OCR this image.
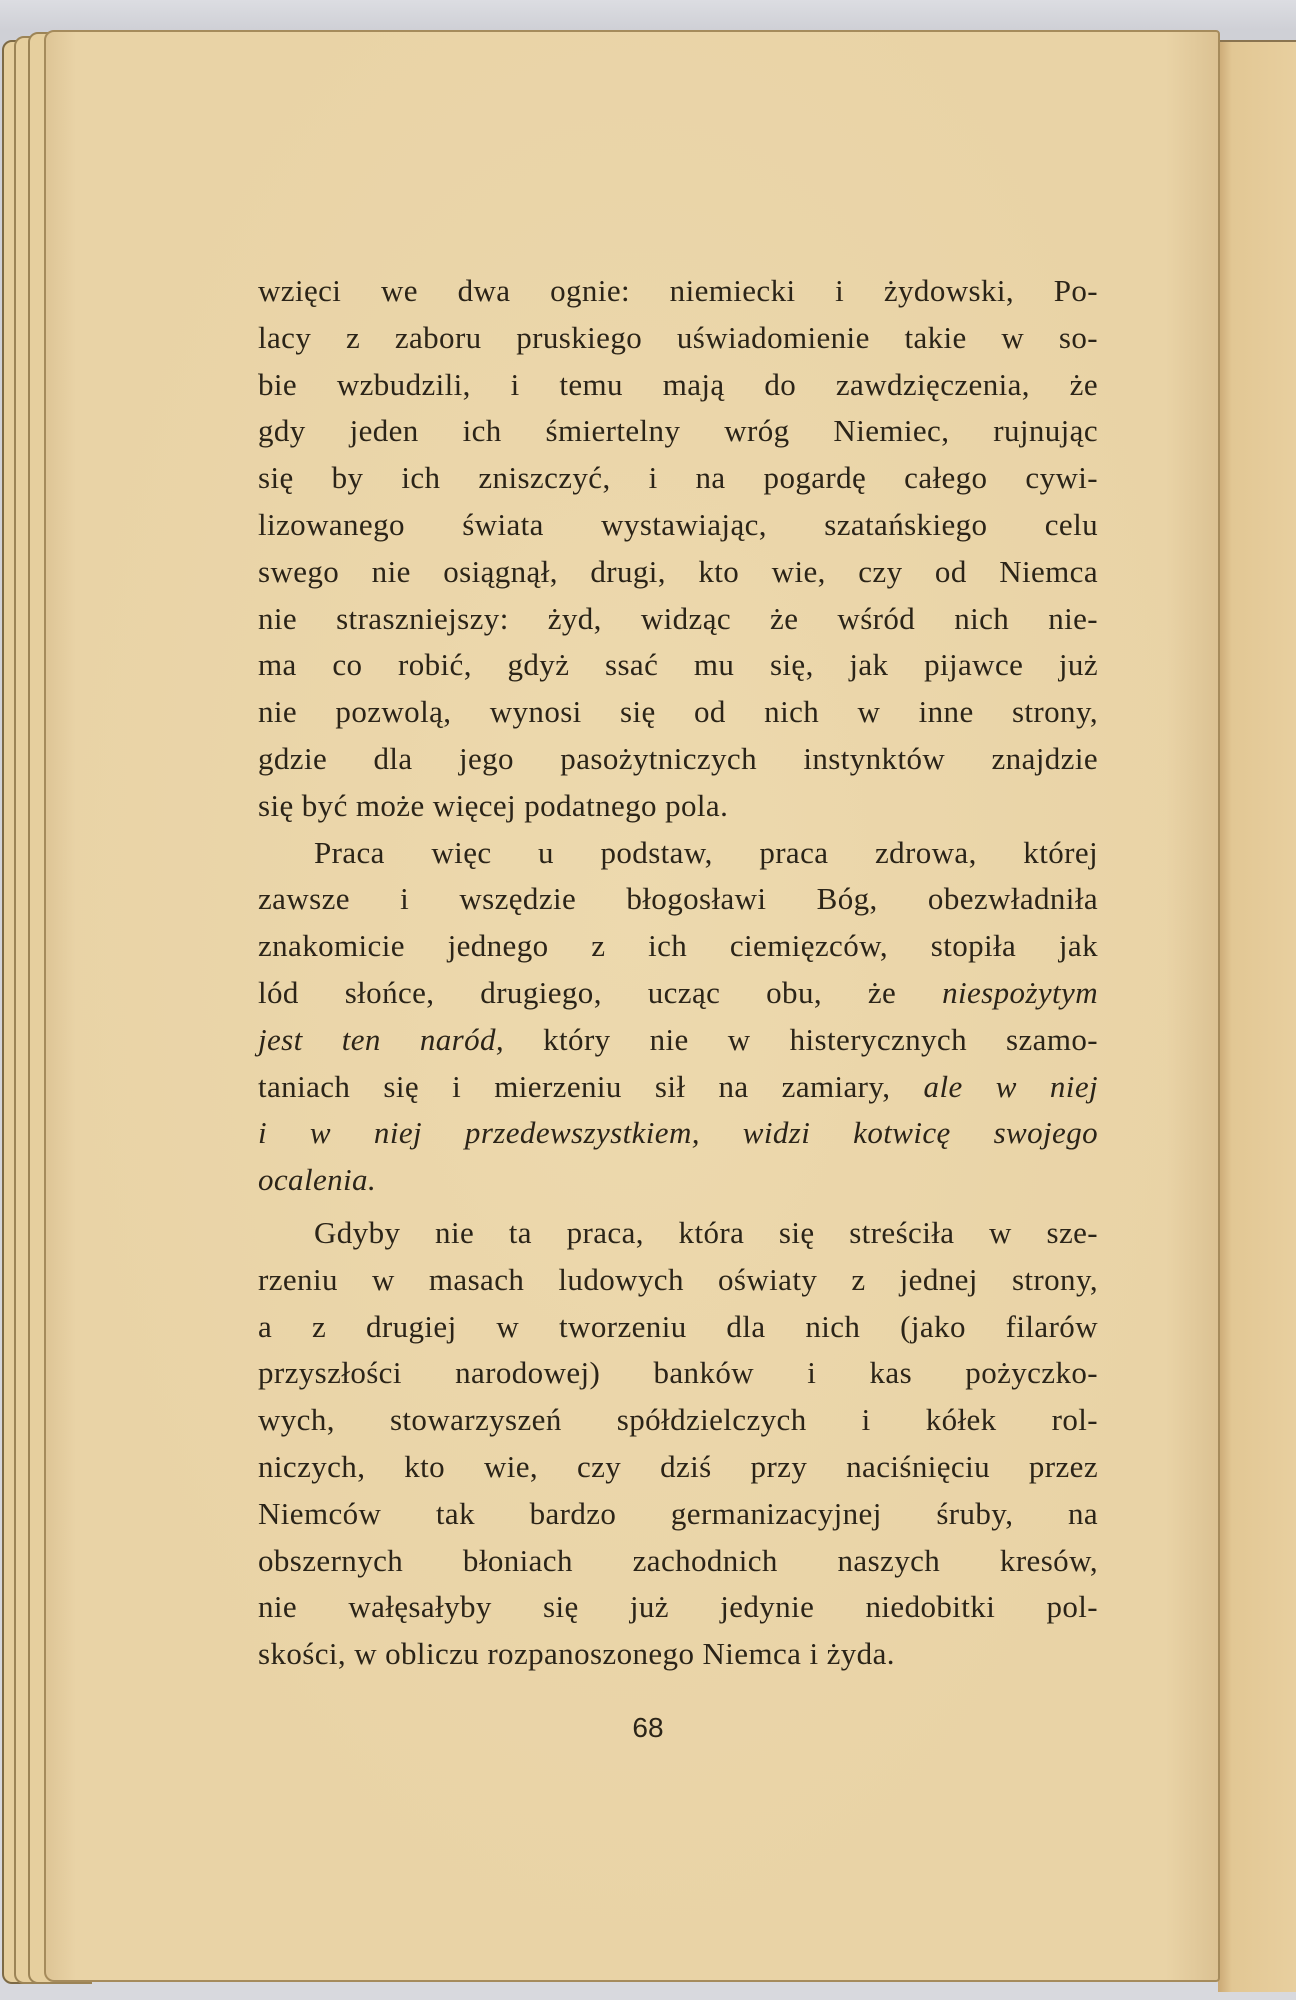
wzięci we dwa ognie: niemiecki i żydowski, Po-
lacy z zaboru pruskiego uświadomienie takie w so-
bie wzbudzili, i temu mają do zawdzięczenia, że
gdy jeden ich śmiertelny wróg Niemiec, rujnując
się by ich zniszczyć, i na pogardę całego cywi-
lizowanego świata wystawiając, szatańskiego celu
swego nie osiągnął, drugi, kto wie, czy od Niemca
nie straszniejszy: żyd, widząc że wśród nich nie-
ma co robić, gdyż ssać mu się, jak pijawce już
nie pozwolą, wynosi się od nich w inne strony,
gdzie dla jego pasożytniczych instynktów znajdzie
się być może więcej podatnego pola.
Praca więc u podstaw, praca zdrowa, której
zawsze i wszędzie błogosławi Bóg, obezwładniła
znakomicie jednego z ich ciemięzców, stopiła jak
lód słońce, drugiego, ucząc obu, że niespożytym
jest ten naród, który nie w histerycznych szamo-
taniach się i mierzeniu sił na zamiary, ale w niej
i w niej przedewszystkiem, widzi kotwicę swojego
ocalenia.
Gdyby nie ta praca, która się streściła w sze-
rzeniu w masach ludowych oświaty z jednej strony,
a z drugiej w tworzeniu dla nich (jako filarów
przyszłości narodowej) banków i kas pożyczko-
wych, stowarzyszeń spółdzielczych i kółek rol-
niczych, kto wie, czy dziś przy naciśnięciu przez
Niemców tak bardzo germanizacyjnej śruby, na
obszernych błoniach zachodnich naszych kresów,
nie wałęsałyby się już jedynie niedobitki pol-
skości, w obliczu rozpanoszonego Niemca i żyda.
68
